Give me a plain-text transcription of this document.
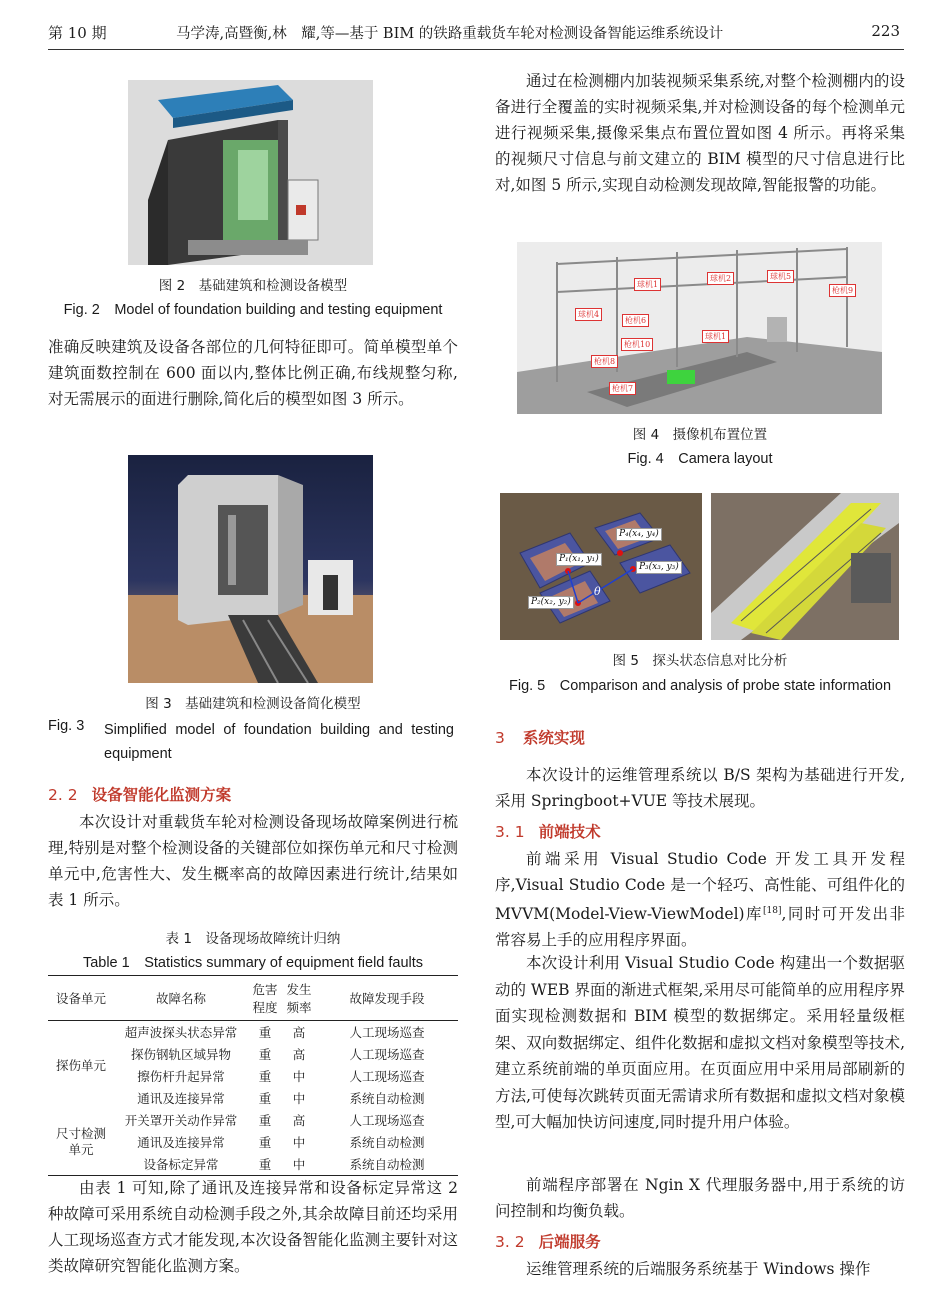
第 10 期	马学涛,高暨衡,林　耀,等—基于 BIM 的铁路重载货车轮对检测设备智能运维系统设计	223
图 2　基础建筑和检测设备模型
Fig. 2　Model of foundation building and testing equipment

准确反映建筑及设备各部位的几何特征即可。简单模型单个建筑面数控制在 600 面以内,整体比例正确,布线规整匀称,对无需展示的面进行删除,简化后的模型如图 3 所示。

图 3　基础建筑和检测设备简化模型
Fig. 3	Simplified model of foundation building and testing equipment
2. 2 设备智能化监测方案

本次设计对重载货车轮对检测设备现场故障案例进行梳理,特别是对整个检测设备的关键部位如探伤单元和尺寸检测单元中,危害性大、发生概率高的故障因素进行统计,结果如表 1 所示。

表 1　设备现场故障统计归纳
Table 1　Statistics summary of equipment field faults
设备单元	故障名称	危害程度	发生频率	故障发现手段
探伤单元	超声波探头状态异常	重	高	人工现场巡查
	探伤钢轨区域异物	重	高	人工现场巡查
	擦伤杆升起异常	重	中	人工现场巡查
	通讯及连接异常	重	中	系统自动检测
尺寸检测单元	开关罩开关动作异常	重	高	人工现场巡查
	通讯及连接异常	重	中	系统自动检测
	设备标定异常	重	中	系统自动检测

由表 1 可知,除了通讯及连接异常和设备标定异常这 2 种故障可采用系统自动检测手段之外,其余故障目前还均采用人工现场巡查方式才能发现,本次设备智能化监测主要针对这类故障研究智能化监测方案。

通过在检测棚内加装视频采集系统,对整个检测棚内的设备进行全覆盖的实时视频采集,并对检测设备的每个检测单元进行视频采集,摄像采集点布置位置如图 4 所示。再将采集的视频尺寸信息与前文建立的 BIM 模型的尺寸信息进行比对,如图 5 所示,实现自动检测发现故障,智能报警的功能。

球机1
球机2	球机5
枪机9
球机4
枪机6
球机1
枪机10
枪机8
枪机7
图 4　摄像机布置位置
Fig. 4　Camera layout
P₄(x₄, y₄)
P₁(x₁, y₁)
P₃(x₃, y₃)
P₂(x₂, y₂)
θ
图 5　探头状态信息对比分析
Fig. 5　Comparison and analysis of probe state information
3 系统实现

本次设计的运维管理系统以 B/S 架构为基础进行开发,采用 Springboot+VUE 等技术展现。

3. 1 前端技术

前端采用 Visual Studio Code 开发工具开发程序,Visual Studio Code 是一个轻巧、高性能、可组件化的 MVVM(Model-View-ViewModel)库[18],同时可开发出非常容易上手的应用程序界面。

本次设计利用 Visual Studio Code 构建出一个数据驱动的 WEB 界面的渐进式框架,采用尽可能简单的应用程序界面实现检测数据和 BIM 模型的数据绑定。采用轻量级框架、双向数据绑定、组件化数据和虚拟文档对象模型等技术,建立系统前端的单页面应用。在页面应用中采用局部刷新的方法,可使每次跳转页面无需请求所有数据和虚拟文档对象模型,可大幅加快访问速度,同时提升用户体验。

前端程序部署在 Ngin X 代理服务器中,用于系统的访问控制和均衡负载。

3. 2 后端服务

运维管理系统的后端服务系统基于 Windows 操作
